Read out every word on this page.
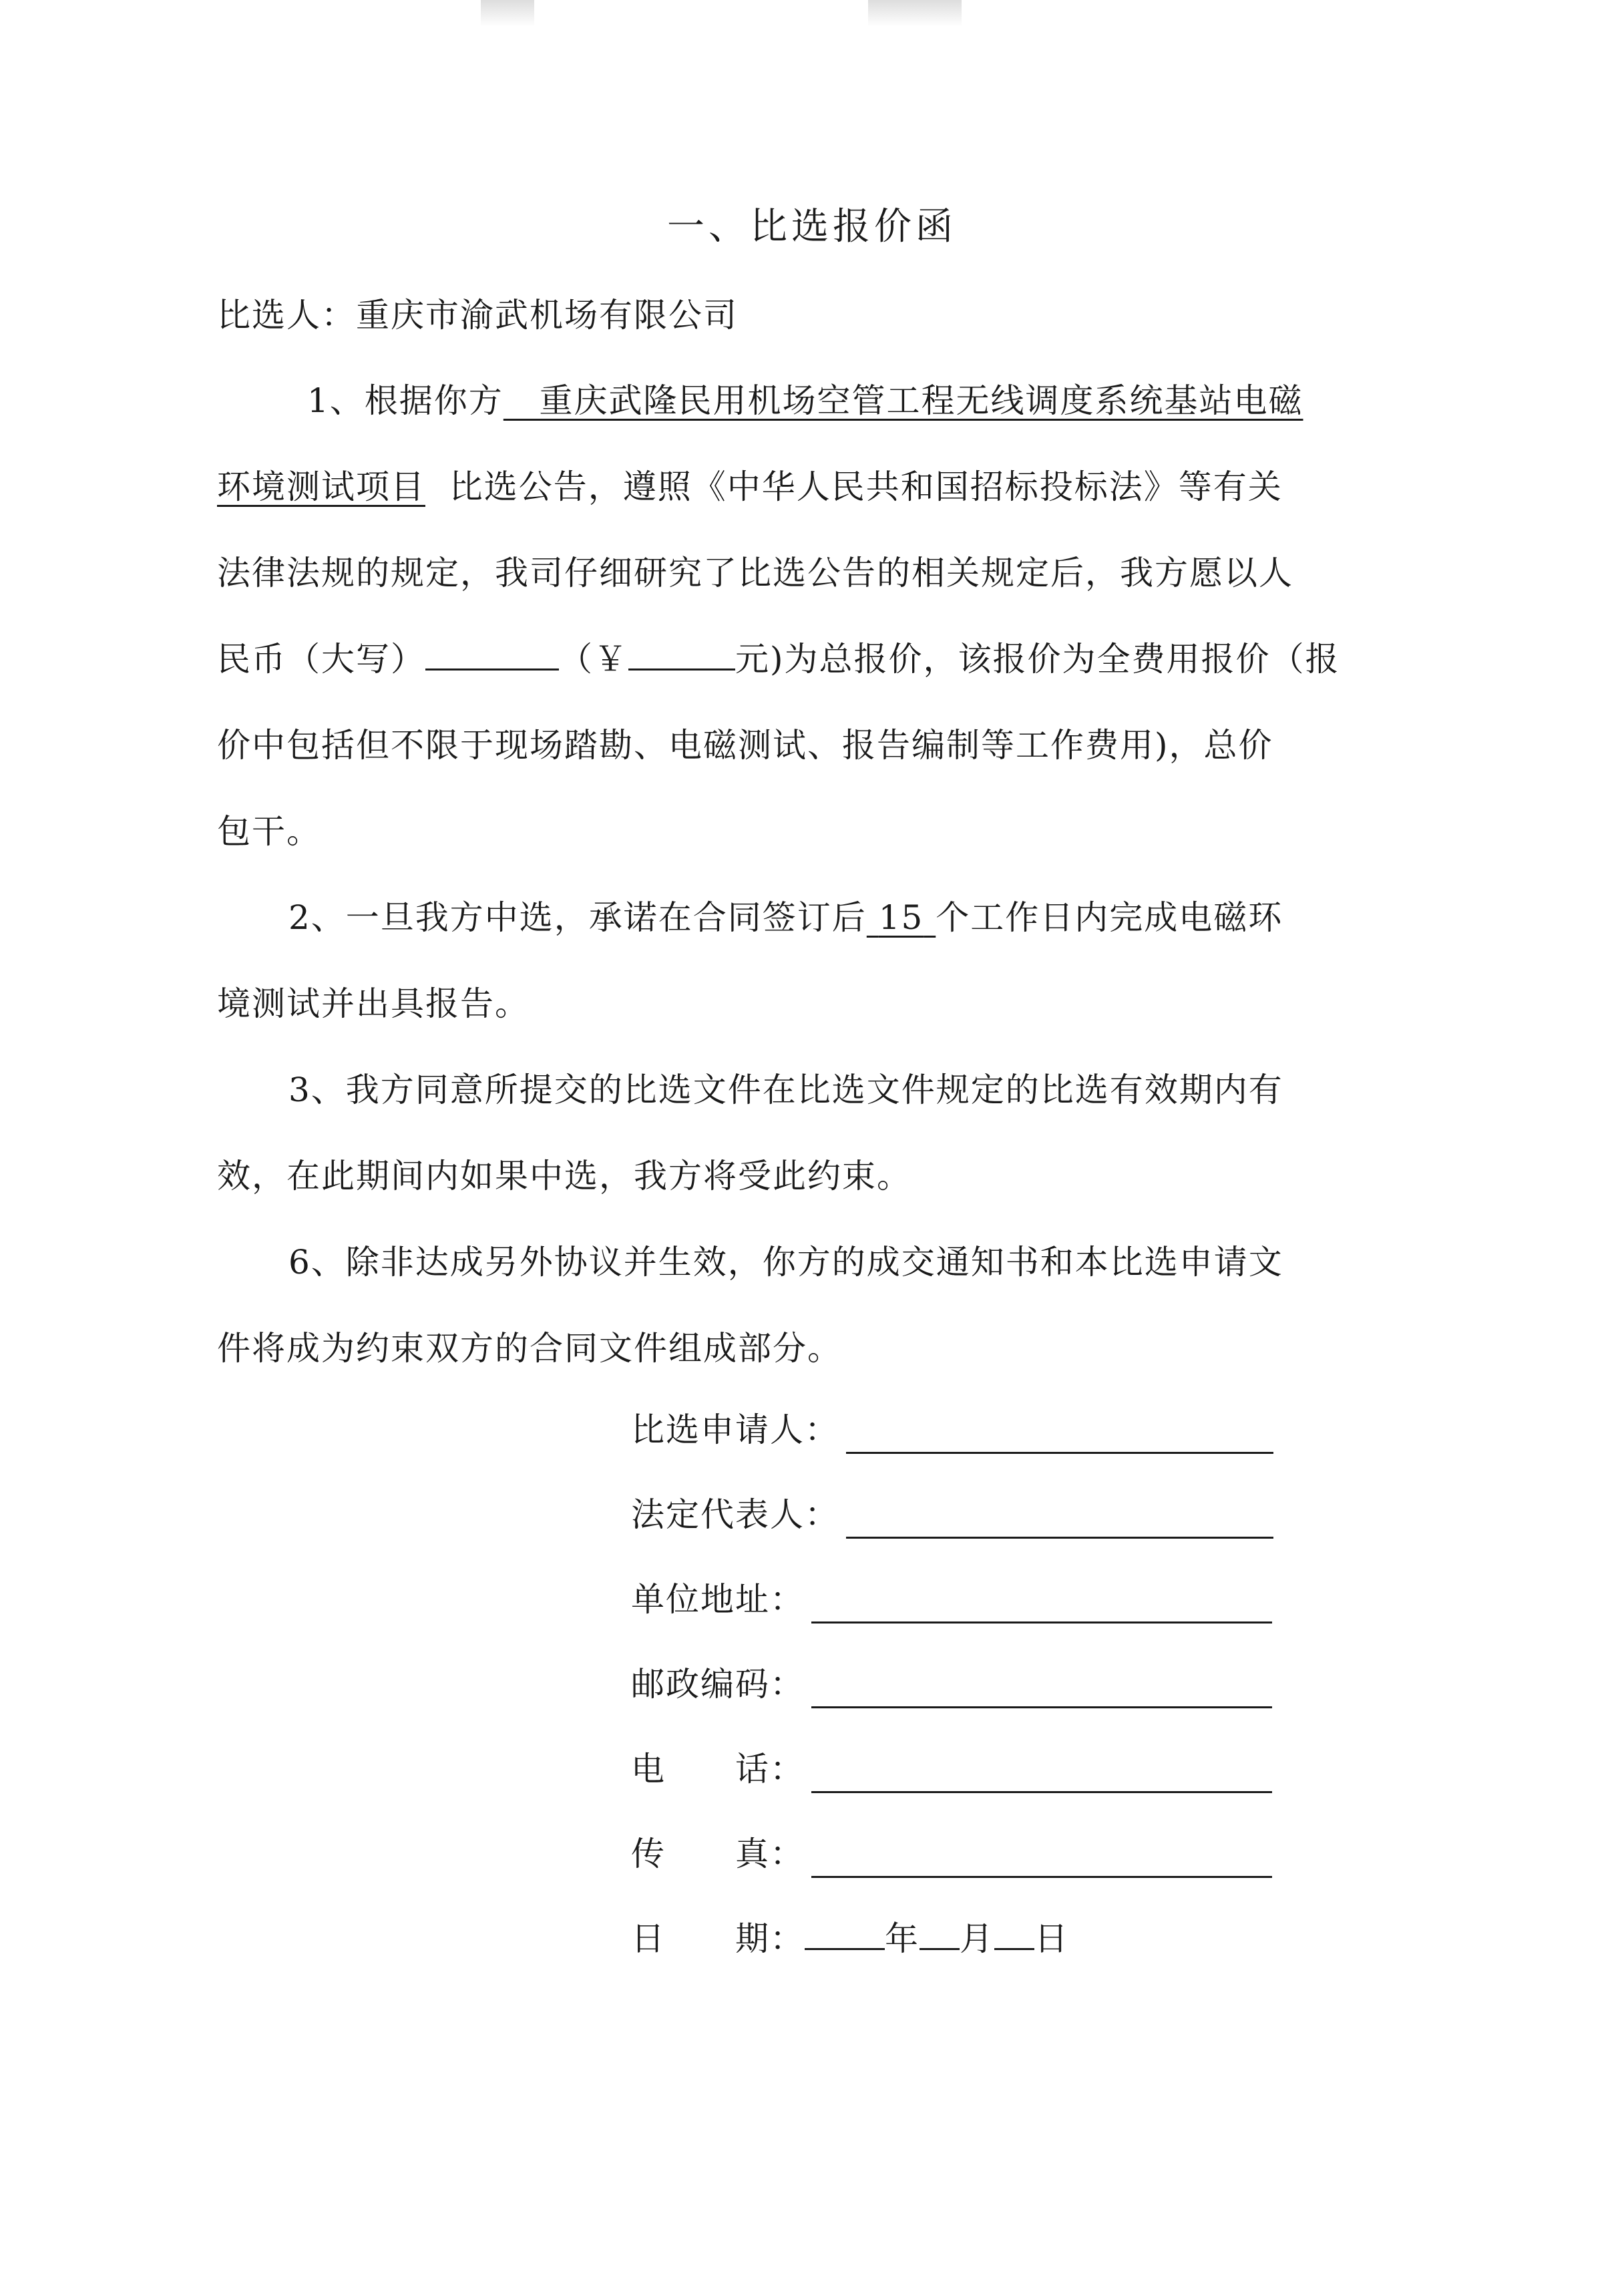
一、比选报价函
比选人：重庆市渝武机场有限公司
1、根据你方 重庆武隆民用机场空管工程无线调度系统基站电磁
环境测试项目 比选公告，遵照《中华人民共和国招标投标法》等有关
法律法规的规定，我司仔细研究了比选公告的相关规定后，我方愿以人
民币（大写）	（￥	元)为总报价，该报价为全费用报价（报
价中包括但不限于现场踏勘、电磁测试、报告编制等工作费用)，总价
包干。
2、一旦我方中选，承诺在合同签订后 15 个工作日内完成电磁环
境测试并出具报告。
3、我方同意所提交的比选文件在比选文件规定的比选有效期内有
效，在此期间内如果中选，我方将受此约束。
6、除非达成另外协议并生效，你方的成交通知书和本比选申请文
件将成为约束双方的合同文件组成部分。
比选申请人：
法定代表人：
单位地址：
邮政编码：
电　　话：
传　　真：
日　　期： 年 月 日
